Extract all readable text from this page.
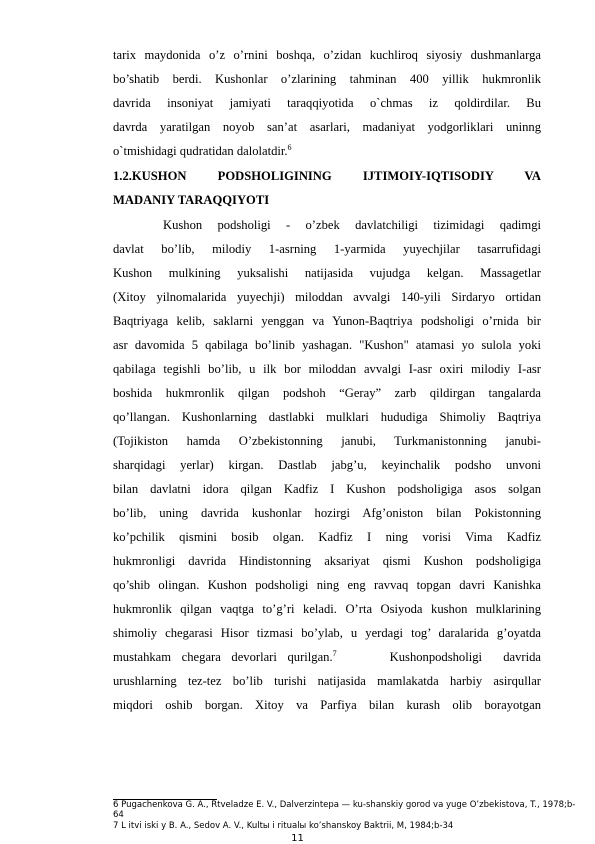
tarix maydonida o’z o’rnini boshqa, o’zidan kuchliroq siyosiy dushmanlarga
bo’shatib berdi. Kushonlar o’zlarining tahminan 400 yillik hukmronlik
davrida insoniyat jamiyati taraqqiyotida o`chmas iz qoldirdilar. Bu
davrda yaratilgan noyob san’at asarlari, madaniyat yodgorliklari uninng
o`tmishidagi qudratidan dalolatdir.$^6$
1.2.KUSHON PODSHOLIGINING IJTIMOIY-IQTISODIY VA
MADANIY TARAQQIYOTI
Kushon podsholigi - o’zbek davlatchiligi tizimidagi qadimgi
davlat bo’lib, milodiy 1-asrning 1-yarmida yuyechjilar tasarrufidagi
Kushon mulkining yuksalishi natijasida vujudga kelgan. Massagetlar
(Xitoy yilnomalarida yuyechji) miloddan avvalgi 140-yili Sirdaryo ortidan
Baqtriyaga kelib, saklarni yenggan va Yunon-Baqtriya podsholigi o’rnida bir
asr davomida 5 qabilaga bo’linib yashagan. "Kushon" atamasi yo sulola yoki
qabilaga tegishli bo’lib, u ilk bor miloddan avvalgi I-asr oxiri milodiy I-asr
boshida hukmronlik qilgan podshoh “Geray” zarb qildirgan tangalarda
qo’llangan. Kushonlarning dastlabki mulklari hududiga Shimoliy Baqtriya
(Tojikiston hamda O’zbekistonning janubi, Turkmanistonning janubi-
sharqidagi yerlar) kirgan. Dastlab jabg’u, keyinchalik podsho unvoni
bilan davlatni idora qilgan Kadfiz I Kushon podsholigiga asos solgan
bo’lib, uning davrida kushonlar hozirgi Afg’oniston bilan Pokistonning
ko’pchilik qismini bosib olgan. Kadfiz I ning vorisi Vima Kadfiz
hukmronligi davrida Hindistonning aksariyat qismi Kushon podsholigiga
qo’shib olingan. Kushon podsholigi ning eng ravvaq topgan davri Kanishka
hukmronlik qilgan vaqtga to’g’ri keladi. O’rta Osiyoda kushon mulklarining
shimoliy chegarasi Hisor tizmasi bo’ylab, u yerdagi tog’ daralarida g’oyatda
mustahkam chegara devorlari qurilgan.$^7$     Kushonpodsholigi  davrida
urushlarning tez-tez bo’lib turishi natijasida mamlakatda harbiy asirqullar
miqdori oshib borgan. Xitoy va Parfiya bilan kurash olib borayotgan
6 Pugachenkova G. A., Rtveladze E. V., Dalverzintepa — ku-shanskiy gorod va yuge O’zbekistova, T., 1978;b-
64
7 L itvi iski y B. A., Sedov A. V., Kultы i ritualы ko’shanskoy Baktrii, M, 1984;b-34
11
